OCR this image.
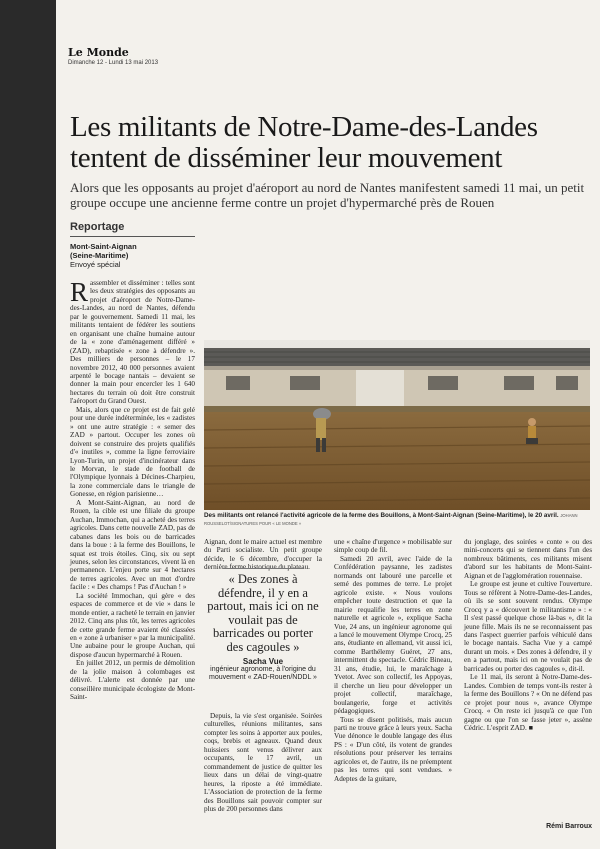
Le Monde
Dimanche 12 - Lundi 13 mai 2013
Les militants de Notre-Dame-des-Landes
tentent de disséminer leur mouvement
Alors que les opposants au projet d'aéroport au nord de Nantes manifestent samedi 11 mai, un petit groupe occupe une ancienne ferme contre un projet d'hypermarché près de Rouen
Reportage
Mont-Saint-Aignan
(Seine-Maritime)
Envoyé spécial

Rassembler et disséminer : telles sont les deux stratégies des opposants au projet d'aéroport de Notre-Dame-des-Landes, au nord de Nantes, défendu par le gouvernement. Samedi 11 mai, les militants tentaient de fédérer les soutiens en organisant une chaîne humaine autour de la « zone d'aménagement différé » (ZAD), rebaptisée « zone à défendre ». Des milliers de personnes – le 17 novembre 2012, 40 000 personnes avaient arpenté le bocage nantais – devaient se donner la main pour encercler les 1 640 hectares du terrain où doit être construit l'aéroport du Grand Ouest.

Mais, alors que ce projet est de fait gelé pour une durée indéterminée, les « zadistes » ont une autre stratégie : « semer des ZAD » partout. Occuper les zones où doivent se construire des projets qualifiés d'« inutiles », comme la ligne ferroviaire Lyon-Turin, un projet d'incinérateur dans le Morvan, le stade de football de l'Olympique lyonnais à Décines-Charpieu, la zone commerciale dans le triangle de Gonesse, en région parisienne…

A Mont-Saint-Aignan, au nord de Rouen, la cible est une filiale du groupe Auchan, Immochan, qui a acheté des terres agricoles. Dans cette nouvelle ZAD, pas de cabanes dans les bois ou de barricades dans la boue : à la ferme des Bouillons, le squat est trois étoiles. Cinq, six ou sept jeunes, selon les circonstances, vivent là en permanence. L'enjeu porte sur 4 hectares de terres agricoles. Avec un mot d'ordre facile : « Des champs ! Pas d'Auchan ! »

La société Immochan, qui gère « des espaces de commerce et de vie » dans le monde entier, a racheté le terrain en janvier 2012. Cinq ans plus tôt, les terres agricoles de cette grande ferme avaient été classées en « zone à urbaniser » par la municipalité. Une aubaine pour le groupe Auchan, qui dispose d'aucun hypermarché à Rouen.

En juillet 2012, un permis de démolition de la jolie maison à colombages est délivré. L'alerte est donnée par une conseillère municipale écologiste de Mont-Saint-

Des militants ont relancé l'activité agricole de la ferme des Bouillons, à Mont-Saint-Aignan (Seine-Maritime), le 20 avril. JOHANN ROUSSELOT/SIGNATURES POUR « LE MONDE »

Aignan, dont le maire actuel est membre du Parti socialiste. Un petit groupe décide, le 6 décembre, d'occuper la dernière ferme historique du plateau.

« Des zones à défendre, il y en a partout, mais ici on ne voulait pas de barricades ou porter des cagoules »
Sacha Vue
ingénieur agronome, à l'origine du mouvement « ZAD-Rouen/NDDL »

Depuis, la vie s'est organisée. Soirées culturelles, réunions militantes, sans compter les soins à apporter aux poules, coqs, brebis et agneaux. Quand deux huissiers sont venus délivrer aux occupants, le 17 avril, un commandement de justice de quitter les lieux dans un délai de vingt-quatre heures, la riposte a été immédiate. L'Association de protection de la ferme des Bouillons sait pouvoir compter sur plus de 200 personnes dans

une « chaîne d'urgence » mobilisable sur simple coup de fil.

Samedi 20 avril, avec l'aide de la Confédération paysanne, les zadistes normands ont labouré une parcelle et semé des pommes de terre. Le projet agricole existe. « Nous voulons empêcher toute destruction et que la mairie requalifie les terres en zone naturelle et agricole », explique Sacha Vue, 24 ans, un ingénieur agronome qui a lancé le mouvement Olympe Crocq, 25 ans, étudiante en allemand, vit aussi ici, comme Barthélemy Guéret, 27 ans, intermittent du spectacle. Cédric Bineau, 31 ans, étudie, lui, le maraîchage à Yvetot. Avec son collectif, les Appoyas, il cherche un lieu pour développer un projet collectif, maraîchage, boulangerie, forge et activités pédagogiques.

Tous se disent politisés, mais aucun parti ne trouve grâce à leurs yeux. Sacha Vue dénonce le double langage des élus PS : « D'un côté, ils votent de grandes résolutions pour préserver les terrains agricoles et, de l'autre, ils ne préemptent pas les terres qui sont vendues. » Adeptes de la guitare,

du jonglage, des soirées « conte » ou des mini-concerts qui se tiennent dans l'un des nombreux bâtiments, ces militants misent d'abord sur les habitants de Mont-Saint-Aignan et de l'agglomération rouennaise.

Le groupe est jeune et cultive l'ouverture. Tous se réfèrent à Notre-Dame-des-Landes, où ils se sont souvent rendus. Olympe Crocq y a « découvert le militantisme » : « Il s'est passé quelque chose là-bas », dit la jeune fille. Mais ils ne se reconnaissent pas dans l'aspect guerrier parfois véhiculé dans le bocage nantais. Sacha Vue y a campé durant un mois. « Des zones à défendre, il y en a partout, mais ici on ne voulait pas de barricades ou porter des cagoules », dit-il.

Le 11 mai, ils seront à Notre-Dame-des-Landes. Combien de temps vont-ils rester à la ferme des Bouillons ? « On ne défend pas ce projet pour nous », avance Olympe Crocq. « On reste ici jusqu'à ce que l'on gagne ou que l'on se fasse jeter », assène Cédric. L'esprit ZAD. ■

Rémi Barroux
